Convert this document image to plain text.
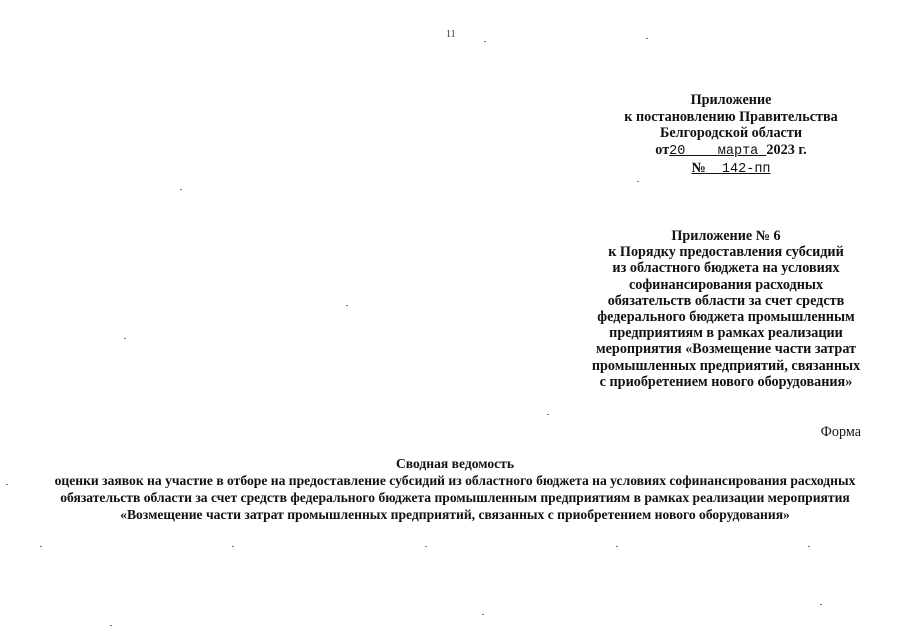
11
Приложение
к постановлению Правительства
Белгородской области
от20 марта 2023 г.
№ 142-пп
Приложение № 6
к Порядку предоставления субсидий
из областного бюджета на условиях
софинансирования расходных
обязательств области за счет средств
федерального бюджета промышленным
предприятиям в рамках реализации
мероприятия «Возмещение части затрат
промышленных предприятий, связанных
с приобретением нового оборудования»
Форма
Сводная ведомость
оценки заявок на участие в отборе на предоставление субсидий из областного бюджета на условиях софинансирования расходных
обязательств области за счет средств федерального бюджета промышленным предприятиям в рамках реализации мероприятия
«Возмещение части затрат промышленных предприятий, связанных с приобретением нового оборудования»
